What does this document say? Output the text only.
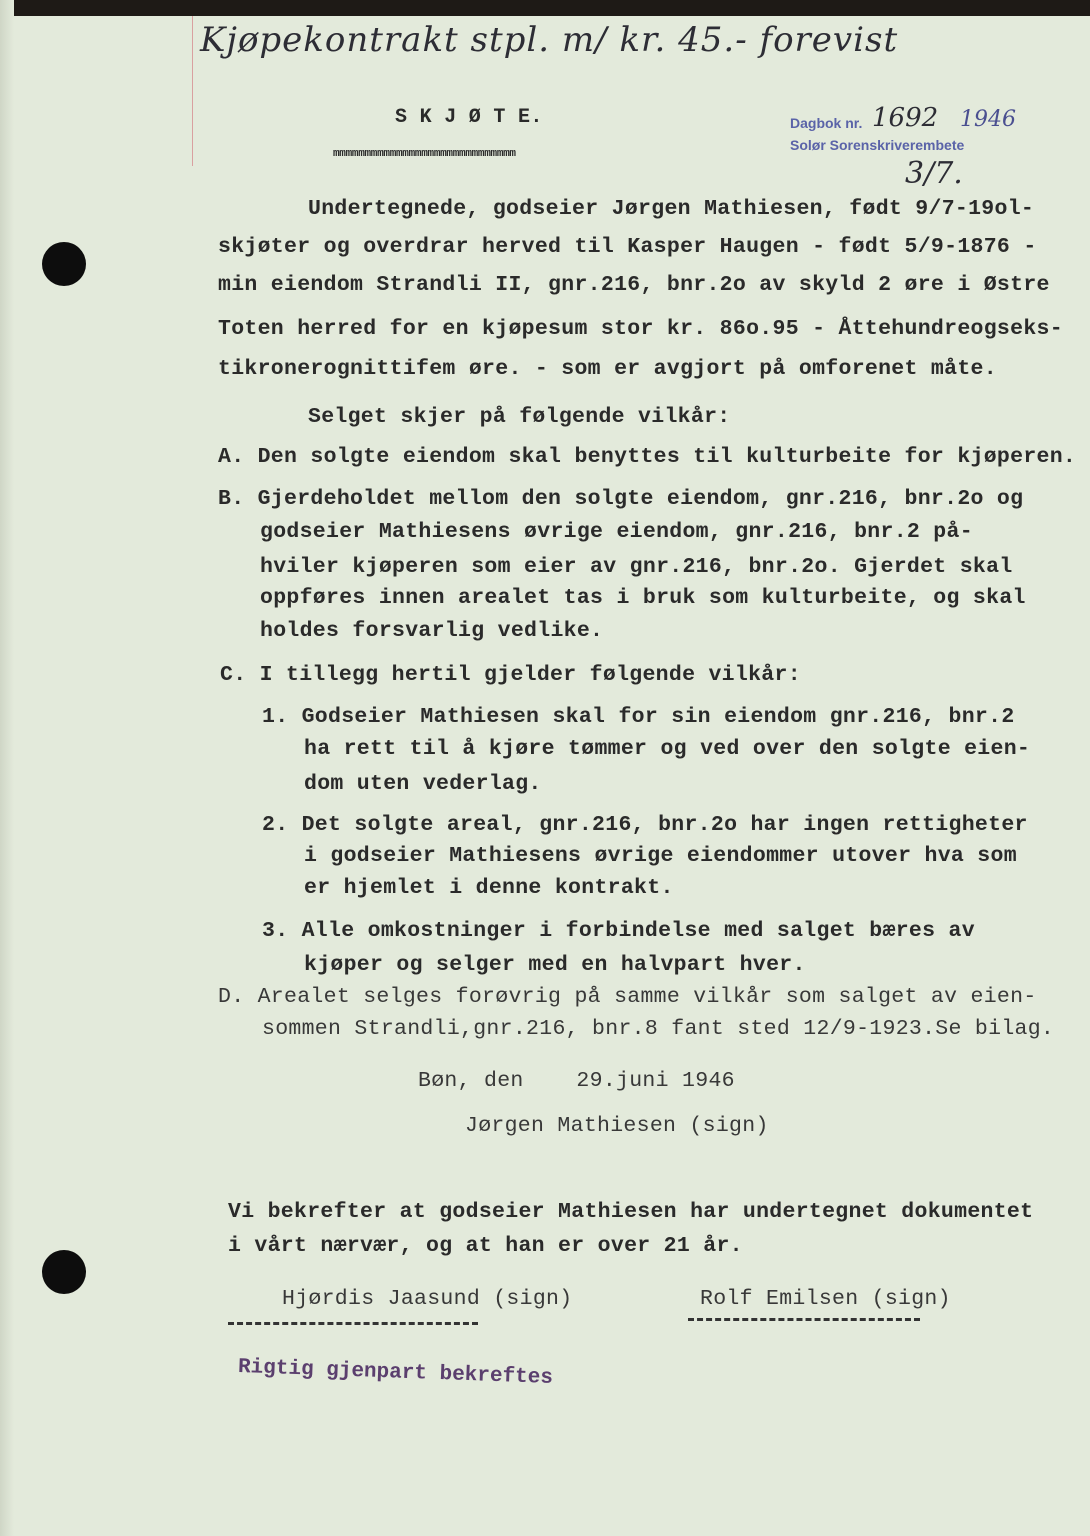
Kjøpekontrakt stpl. m/ kr. 45.- forevist
Dagbok nr. 1692 1946
Solør Sorenskriverembete
3/7.
S K J Ø T E.
mmmmmmmmmmmmmmmmmmmmmmmmmmmmm
Undertegnede, godseier Jørgen Mathiesen, født 9/7-19ol-
skjøter og overdrar herved til Kasper Haugen - født 5/9-1876 -
min eiendom Strandli II, gnr.216, bnr.2o av skyld 2 øre i Østre
Toten herred for en kjøpesum stor kr. 86o.95 - Åttehundreogseks-
tikronerognittifem øre. - som er avgjort på omforenet måte.
Selget skjer på følgende vilkår:
A. Den solgte eiendom skal benyttes til kulturbeite for kjøperen.
B. Gjerdeholdet mellom den solgte eiendom, gnr.216, bnr.2o og
godseier Mathiesens øvrige eiendom, gnr.216, bnr.2 på-
hviler kjøperen som eier av gnr.216, bnr.2o. Gjerdet skal
oppføres innen arealet tas i bruk som kulturbeite, og skal
holdes forsvarlig vedlike.
C. I tillegg hertil gjelder følgende vilkår:
1. Godseier Mathiesen skal for sin eiendom gnr.216, bnr.2
ha rett til å kjøre tømmer og ved over den solgte eien-
dom uten vederlag.
2. Det solgte areal, gnr.216, bnr.2o har ingen rettigheter
i godseier Mathiesens øvrige eiendommer utover hva som
er hjemlet i denne kontrakt.
3. Alle omkostninger i forbindelse med salget bæres av
kjøper og selger med en halvpart hver.
D. Arealet selges forøvrig på samme vilkår som salget av eien-
sommen Strandli,gnr.216, bnr.8 fant sted 12/9-1923.Se bilag.
Bøn, den    29.juni 1946
Jørgen Mathiesen (sign)
Vi bekrefter at godseier Mathiesen har undertegnet dokumentet
i vårt nærvær, og at han er over 21 år.
Hjørdis Jaasund (sign)	Rolf Emilsen (sign)
Rigtig gjenpart bekreftes
